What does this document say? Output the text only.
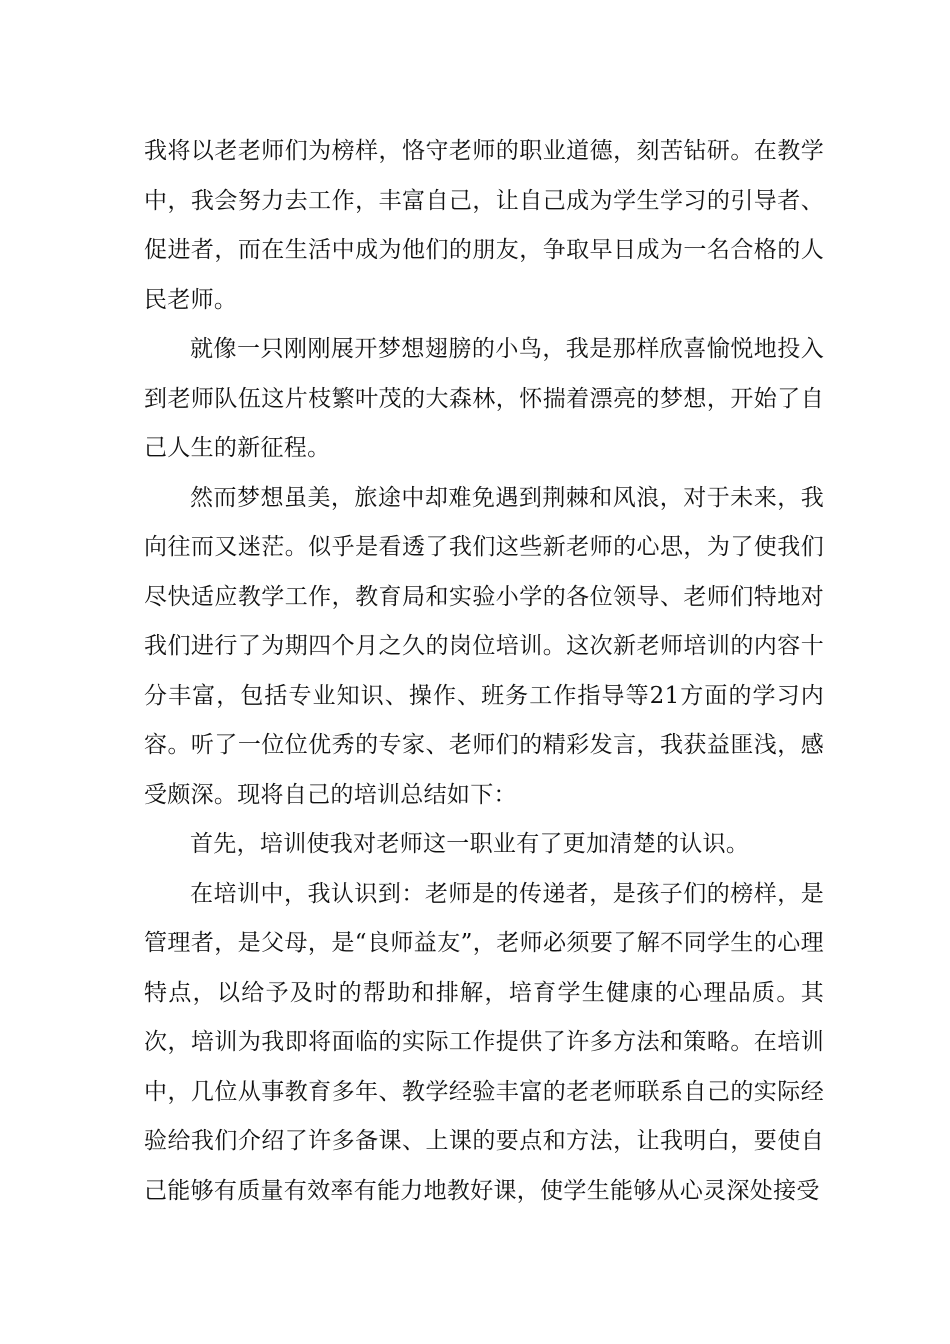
我将以老老师们为榜样，恪守老师的职业道德，刻苦钻研。在教学中，我会努力去工作，丰富自己，让自己成为学生学习的引导者、促进者，而在生活中成为他们的朋友，争取早日成为一名合格的人民老师。

就像一只刚刚展开梦想翅膀的小鸟，我是那样欣喜愉悦地投入到老师队伍这片枝繁叶茂的大森林，怀揣着漂亮的梦想，开始了自己人生的新征程。

然而梦想虽美，旅途中却难免遇到荆棘和风浪，对于未来，我向往而又迷茫。似乎是看透了我们这些新老师的心思，为了使我们尽快适应教学工作，教育局和实验小学的各位领导、老师们特地对我们进行了为期四个月之久的岗位培训。这次新老师培训的内容十分丰富，包括专业知识、操作、班务工作指导等21方面的学习内容。听了一位位优秀的专家、老师们的精彩发言，我获益匪浅，感受颇深。现将自己的培训总结如下：

首先，培训使我对老师这一职业有了更加清楚的认识。

在培训中，我认识到：老师是的传递者，是孩子们的榜样，是管理者，是父母，是“良师益友”，老师必须要了解不同学生的心理特点，以给予及时的帮助和排解，培育学生健康的心理品质。其次，培训为我即将面临的实际工作提供了许多方法和策略。在培训中，几位从事教育多年、教学经验丰富的老老师联系自己的实际经验给我们介绍了许多备课、上课的要点和方法，让我明白，要使自己能够有质量有效率有能力地教好课，使学生能够从心灵深处接受
